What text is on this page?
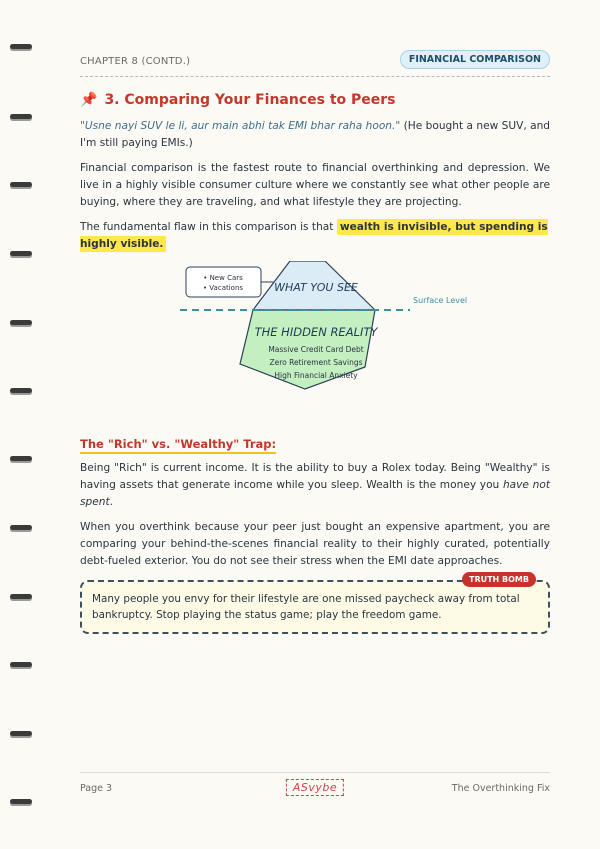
CHAPTER 8 (CONTD.)	FINANCIAL COMPARISON
📌 3. Comparing Your Finances to Peers

"Usne nayi SUV le li, aur main abhi tak EMI bhar raha hoon." (He bought a new SUV, and I'm still paying EMIs.)

Financial comparison is the fastest route to financial overthinking and depression. We live in a highly visible consumer culture where we constantly see what other people are buying, where they are traveling, and what lifestyle they are projecting.

The fundamental flaw in this comparison is that wealth is invisible, but spending is highly visible.

• New Cars
• Vacations
Surface Level
WHAT YOU SEE
THE HIDDEN REALITY
Massive Credit Card Debt
Zero Retirement Savings
High Financial Anxiety
The "Rich" vs. "Wealthy" Trap:

Being "Rich" is current income. It is the ability to buy a Rolex today. Being "Wealthy" is having assets that generate income while you sleep. Wealth is the money you have not spent.

When you overthink because your peer just bought an expensive apartment, you are comparing your behind-the-scenes financial reality to their highly curated, potentially debt-fueled exterior. You do not see their stress when the EMI date approaches.

TRUTH BOMB

Many people you envy for their lifestyle are one missed paycheck away from total bankruptcy. Stop playing the status game; play the freedom game.

Page 3	ASvybe	The Overthinking Fix
